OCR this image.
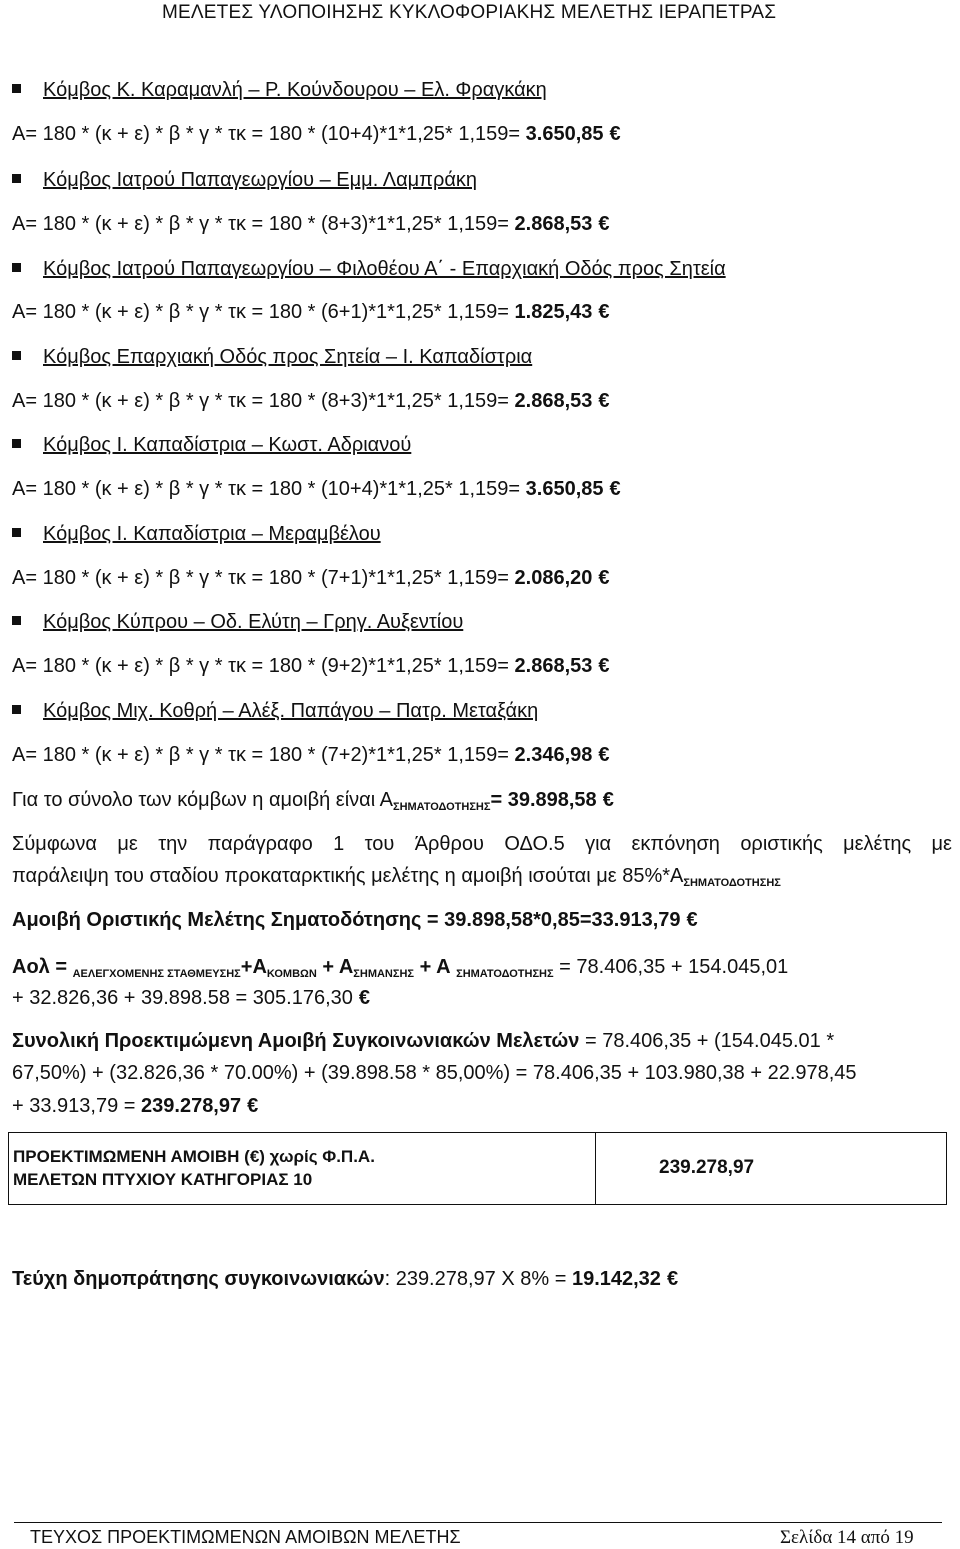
ΜΕΛΕΤΕΣ ΥΛΟΠΟΙΗΣΗΣ ΚΥΚΛΟΦΟΡΙΑΚΗΣ ΜΕΛΕΤΗΣ ΙΕΡΑΠΕΤΡΑΣ
Κόμβος Κ. Καραμανλή – Ρ. Κούνδουρου – Ελ. Φραγκάκη
Α= 180 * (κ + ε) * β * γ * τκ = 180 * (10+4)*1*1,25* 1,159= 3.650,85 €
Κόμβος Ιατρού Παπαγεωργίου – Εμμ. Λαμπράκη
Α= 180 * (κ + ε) * β * γ * τκ = 180 * (8+3)*1*1,25* 1,159= 2.868,53 €
Κόμβος Ιατρού Παπαγεωργίου – Φιλοθέου Α΄ - Επαρχιακή Οδός προς Σητεία
Α= 180 * (κ + ε) * β * γ * τκ = 180 * (6+1)*1*1,25* 1,159= 1.825,43 €
Κόμβος Επαρχιακή Οδός προς Σητεία – Ι. Καπαδίστρια
Α= 180 * (κ + ε) * β * γ * τκ = 180 * (8+3)*1*1,25* 1,159= 2.868,53 €
Κόμβος Ι. Καπαδίστρια – Κωστ. Αδριανού
Α= 180 * (κ + ε) * β * γ * τκ = 180 * (10+4)*1*1,25* 1,159= 3.650,85 €
Κόμβος Ι. Καπαδίστρια – Μεραμβέλου
Α= 180 * (κ + ε) * β * γ * τκ = 180 * (7+1)*1*1,25* 1,159= 2.086,20 €
Κόμβος Κύπρου – Οδ. Ελύτη – Γρηγ. Αυξεντίου
Α= 180 * (κ + ε) * β * γ * τκ = 180 * (9+2)*1*1,25* 1,159= 2.868,53 €
Κόμβος Μιχ. Κοθρή – Αλέξ. Παπάγου – Πατρ. Μεταξάκη
Α= 180 * (κ + ε) * β * γ * τκ = 180 * (7+2)*1*1,25* 1,159= 2.346,98 €
Για το σύνολο των κόμβων η αμοιβή είναι $A_{\Sigma HMATO\Delta OTH\Sigma H\Sigma}= 39.898,58$ €
Σύμφωνα με την παράγραφο 1 του Άρθρου ΟΔΟ.5 για εκπόνηση οριστικής μελέτης με
παράλειψη του σταδίου προκαταρκτικής μελέτης η αμοιβή ισούται με $85\%*A_{\Sigma HMATO\Delta OTH\Sigma H\Sigma}$
Αμοιβή Οριστικής Μελέτης Σηματοδότησης = 39.898,58*0,85=33.913,79 €
$Ao\lambda = _{AE\Lambda E\Gamma XOMENH\Sigma \Sigma TA\Theta ME\Upsilon\Sigma H\Sigma}+A_{KOMB\Omega N} + A_{\Sigma HMAN\Sigma H\Sigma} + A$ $_{\Sigma HMATO\Delta OTH\Sigma H\Sigma}$ = 78.406,35 + 154.045,01
+ 32.826,36 + 39.898.58 = 305.176,30 €
Συνολική Προεκτιμώμενη Αμοιβή Συγκοινωνιακών Μελετών = 78.406,35 + (154.045.01 *
67,50%) + (32.826,36 * 70.00%) + (39.898.58 * 85,00%) = 78.406,35 + 103.980,38 + 22.978,45
+ 33.913,79 = 239.278,97 €
ΠΡΟΕΚΤΙΜΩΜΕΝΗ ΑΜΟΙΒΗ (€) χωρίς Φ.Π.Α.
ΜΕΛΕΤΩΝ ΠΤΥΧΙΟΥ ΚΑΤΗΓΟΡΙΑΣ 10
239.278,97
Τεύχη δημοπράτησης συγκοινωνιακών: 239.278,97 Χ 8% = 19.142,32 €
ΤΕΥΧΟΣ ΠΡΟΕΚΤΙΜΩΜΕΝΩΝ ΑΜΟΙΒΩΝ ΜΕΛΕΤΗΣ	Σελίδα 14 από 19
